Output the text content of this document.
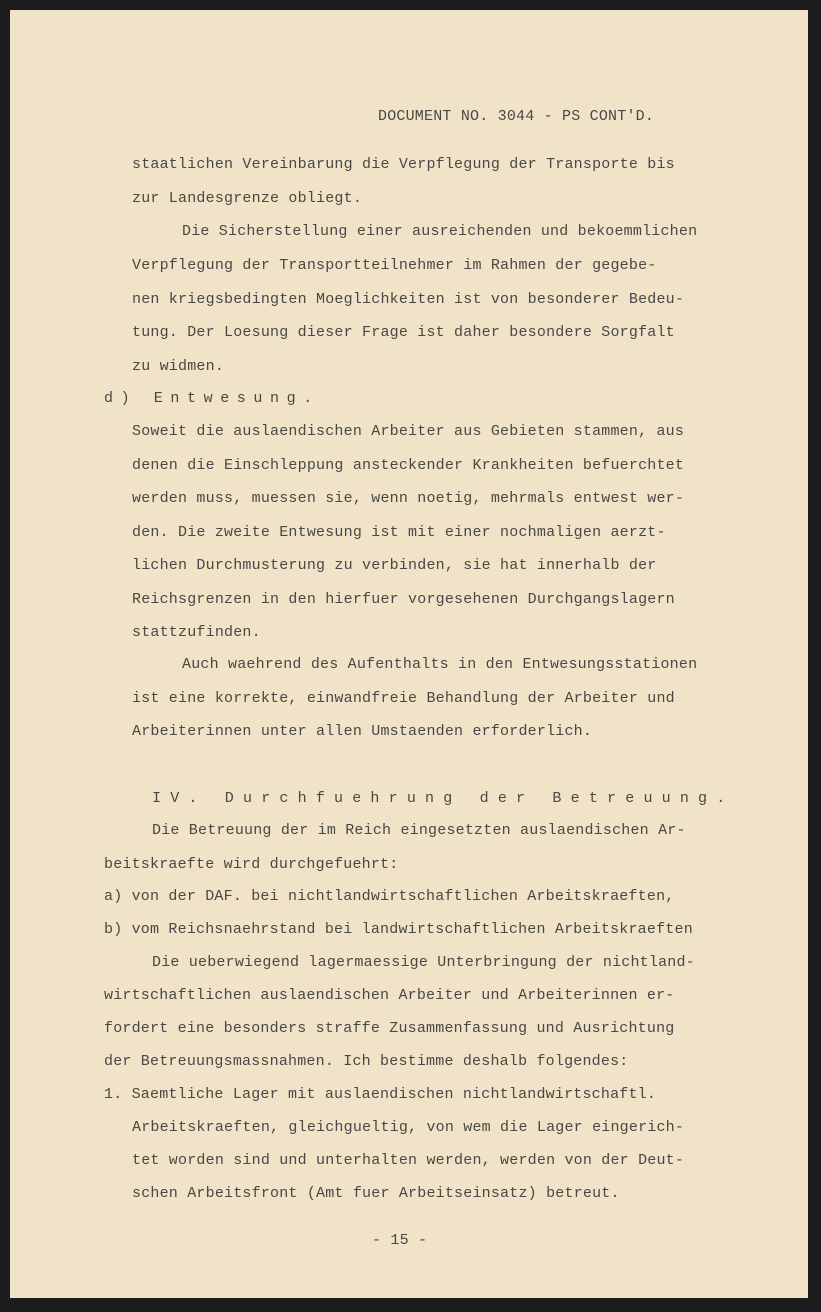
DOCUMENT NO. 3044 - PS CONT'D.
staatlichen Vereinbarung die Verpflegung der Transporte bis
zur Landesgrenze obliegt.
Die Sicherstellung einer ausreichenden und bekoemmlichen
Verpflegung der Transportteilnehmer im Rahmen der gegebe-
nen kriegsbedingten Moeglichkeiten ist von besonderer Bedeu-
tung. Der Loesung dieser Frage ist daher besondere Sorgfalt
zu widmen.
d) Entwesung.
Soweit die auslaendischen Arbeiter aus Gebieten stammen, aus
denen die Einschleppung ansteckender Krankheiten befuerchtet
werden muss, muessen sie, wenn noetig, mehrmals entwest wer-
den. Die zweite Entwesung ist mit einer nochmaligen aerzt-
lichen Durchmusterung zu verbinden, sie hat innerhalb der
Reichsgrenzen in den hierfuer vorgesehenen Durchgangslagern
stattzufinden.
Auch waehrend des Aufenthalts in den Entwesungsstationen
ist eine korrekte, einwandfreie Behandlung der Arbeiter und
Arbeiterinnen unter allen Umstaenden erforderlich.
IV. Durchfuehrung der Betreuung.
Die Betreuung der im Reich eingesetzten auslaendischen Ar-
beitskraefte wird durchgefuehrt:
a) von der DAF. bei nichtlandwirtschaftlichen Arbeitskraeften,
b) vom Reichsnaehrstand bei landwirtschaftlichen Arbeitskraeften
Die ueberwiegend lagermaessige Unterbringung der nichtland-
wirtschaftlichen auslaendischen Arbeiter und Arbeiterinnen er-
fordert eine besonders straffe Zusammenfassung und Ausrichtung
der Betreuungsmassnahmen. Ich bestimme deshalb folgendes:
1. Saemtliche Lager mit auslaendischen nichtlandwirtschaftl.
Arbeitskraeften, gleichgueltig, von wem die Lager eingerich-
tet worden sind und unterhalten werden, werden von der Deut-
schen Arbeitsfront (Amt fuer Arbeitseinsatz) betreut.
- 15 -
